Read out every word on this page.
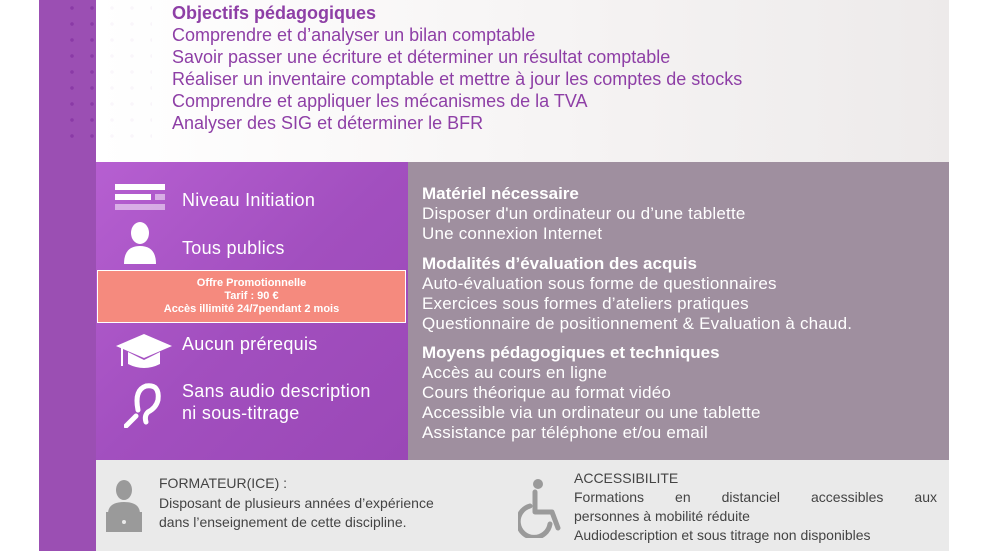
Objectifs pédagogiques
Comprendre et d’analyser un bilan comptable
Savoir passer une écriture et déterminer un résultat comptable
Réaliser un inventaire comptable et mettre à jour les comptes de stocks
Comprendre et appliquer les mécanismes de la TVA
Analyser des SIG et déterminer le BFR
Niveau Initiation
Tous publics
Aucun prérequis
Sans audio description
ni sous-titrage
Offre Promotionnelle
Tarif : 90 €
Accès illimité 24/7pendant 2 mois
Matériel nécessaire
Disposer d'un ordinateur ou d’une tablette
Une connexion Internet
Modalités d’évaluation des acquis
Auto-évaluation sous forme de questionnaires
Exercices sous formes d’ateliers pratiques
Questionnaire de positionnement & Evaluation à chaud.
Moyens pédagogiques et techniques
Accès au cours en ligne
Cours théorique au format vidéo
Accessible via un ordinateur ou une tablette
Assistance par téléphone et/ou email
FORMATEUR(ICE) :
Disposant de plusieurs années d’expérience
dans l’enseignement de cette discipline.
ACCESSIBILITE
Formations en distanciel accessibles aux
personnes à mobilité réduite
Audiodescription et sous titrage non disponibles
